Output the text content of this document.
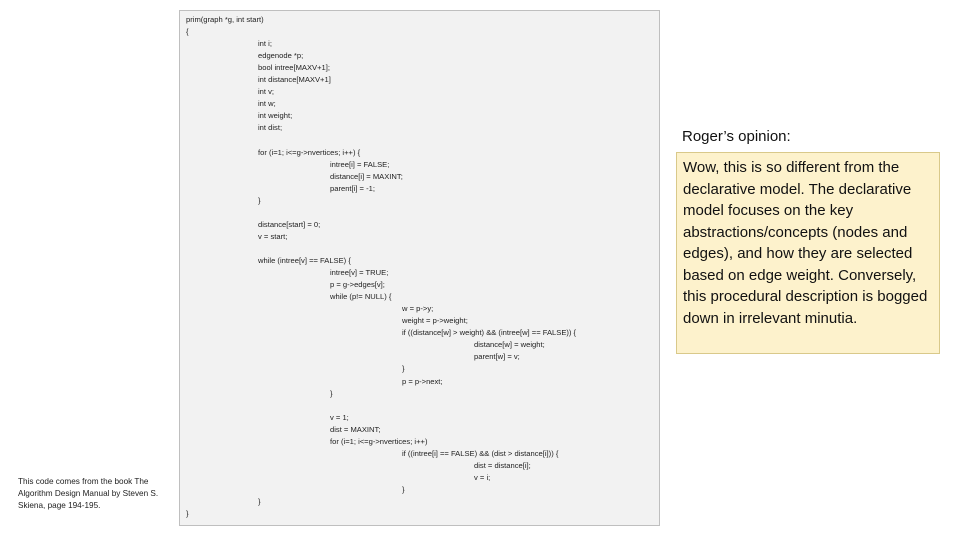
prim(graph *g, int start)
{
int i;
edgenode *p;
bool intree[MAXV+1];
int distance[MAXV+1]
int v;
int w;
int weight;
int dist;
for (i=1; i<=g->nvertices; i++) {
intree[i] = FALSE;
distance[i] = MAXINT;
parent[i] = -1;
}
distance[start] = 0;
v = start;
while (intree[v] == FALSE) {
intree[v] = TRUE;
p = g->edges[v];
while (p!= NULL) {
w = p->y;
weight = p->weight;
if ((distance[w] > weight) && (intree[w] == FALSE)) {
distance[w] = weight;
parent[w] = v;
}
p = p->next;
}
v = 1;
dist = MAXINT;
for (i=1; i<=g->nvertices; i++)
if ((intree[i] == FALSE) && (dist > distance[i])) {
dist = distance[i];
v = i;
}
}
}
This code comes from the book The Algorithm Design Manual by Steven S. Skiena, page 194-195.
Roger’s opinion:
Wow, this is so different from the declarative model. The declarative model focuses on the key abstractions/concepts (nodes and edges), and how they are selected based on edge weight. Conversely, this procedural description is bogged down in irrelevant minutia.
